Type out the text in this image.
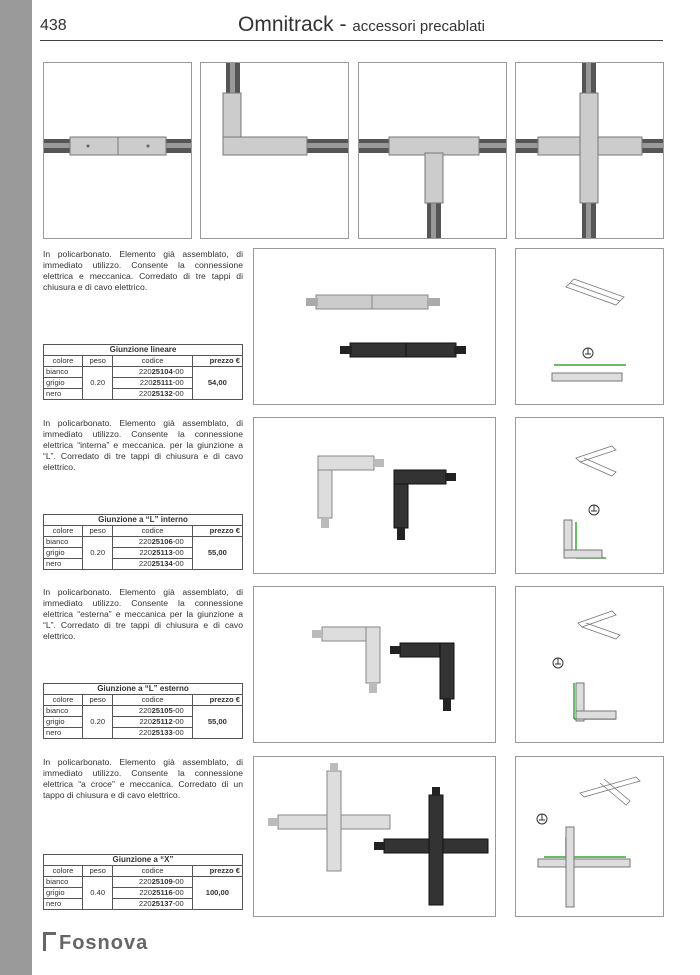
438	Omnitrack - accessori precablati

In policarbonato. Elemento già assemblato, di immediato utilizzo. Consente la connessione elettrica e meccanica. Corredato di tre tappi di chiusura e di cavo elettrico.

Giunzione lineare			
colore	peso	codice	prezzo €
bianco	0.20	22025104-00	54,00
grigio		22025111-00	
nero		22025132-00	

In policarbonato. Elemento già assemblato, di immediato utilizzo. Consente la connessione elettrica “interna” e meccanica. per la giunzione a “L”. Corredato di tre tappi di chiusura e di cavo elettrico.

Giunzione a “L” interno			
colore	peso	codice	prezzo €
bianco	0.20	22025106-00	55,00
grigio		22025113-00	
nero		22025134-00	

In policarbonato. Elemento già assemblato, di immediato utilizzo. Consente la connessione elettrica “esterna” e meccanica per la giunzione a “L”. Corredato di tre tappi di chiusura e di cavo elettrico.

Giunzione a “L” esterno			
colore	peso	codice	prezzo €
bianco	0.20	22025105-00	55,00
grigio		22025112-00	
nero		22025133-00	

In policarbonato. Elemento già assemblato, di immediato utilizzo. Consente la connessione elettrica “a croce” e meccanica. Corredato di un tappo di chiusura e di cavo elettrico.

Giunzione a “X”			
colore	peso	codice	prezzo €
bianco	0.40	22025109-00	100,00
grigio		22025116-00	
nero		22025137-00	
Fosnova
